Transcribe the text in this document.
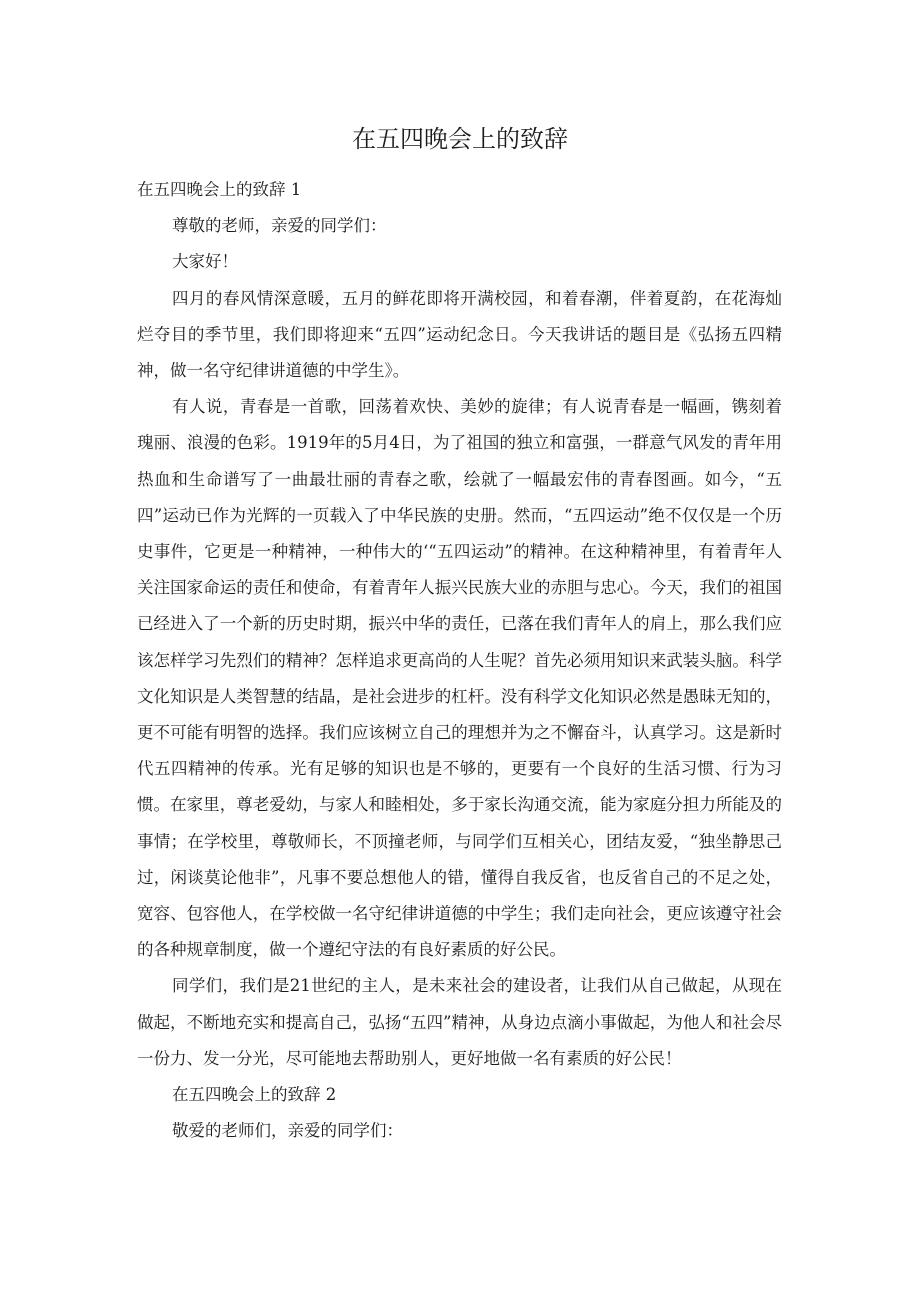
在五四晚会上的致辞

在五四晚会上的致辞 1

尊敬的老师，亲爱的同学们：

大家好！

四月的春风情深意暖，五月的鲜花即将开满校园，和着春潮，伴着夏韵，在花海灿烂夺目的季节里，我们即将迎来“五四”运动纪念日。今天我讲话的题目是《弘扬五四精神，做一名守纪律讲道德的中学生》。

有人说，青春是一首歌，回荡着欢快、美妙的旋律；有人说青春是一幅画，镌刻着瑰丽、浪漫的色彩。1919年的5月4日，为了祖国的独立和富强，一群意气风发的青年用热血和生命谱写了一曲最壮丽的青春之歌，绘就了一幅最宏伟的青春图画。如今，“五四”运动已作为光辉的一页载入了中华民族的史册。然而，“五四运动”绝不仅仅是一个历史事件，它更是一种精神，一种伟大的‘“五四运动”的精神。在这种精神里，有着青年人关注国家命运的责任和使命，有着青年人振兴民族大业的赤胆与忠心。今天，我们的祖国已经进入了一个新的历史时期，振兴中华的责任，已落在我们青年人的肩上，那么我们应该怎样学习先烈们的精神？怎样追求更高尚的人生呢？首先必须用知识来武装头脑。科学文化知识是人类智慧的结晶，是社会进步的杠杆。没有科学文化知识必然是愚昧无知的，更不可能有明智的选择。我们应该树立自己的理想并为之不懈奋斗，认真学习。这是新时代五四精神的传承。光有足够的知识也是不够的，更要有一个良好的生活习惯、行为习惯。在家里，尊老爱幼，与家人和睦相处，多于家长沟通交流，能为家庭分担力所能及的事情；在学校里，尊敬师长，不顶撞老师，与同学们互相关心，团结友爱，“独坐静思己过，闲谈莫论他非”，凡事不要总想他人的错，懂得自我反省，也反省自己的不足之处，宽容、包容他人，在学校做一名守纪律讲道德的中学生；我们走向社会，更应该遵守社会的各种规章制度，做一个遵纪守法的有良好素质的好公民。

同学们，我们是21世纪的主人，是未来社会的建设者，让我们从自己做起，从现在做起，不断地充实和提高自己，弘扬“五四”精神，从身边点滴小事做起，为他人和社会尽一份力、发一分光，尽可能地去帮助别人，更好地做一名有素质的好公民！

在五四晚会上的致辞 2

敬爱的老师们，亲爱的同学们：
